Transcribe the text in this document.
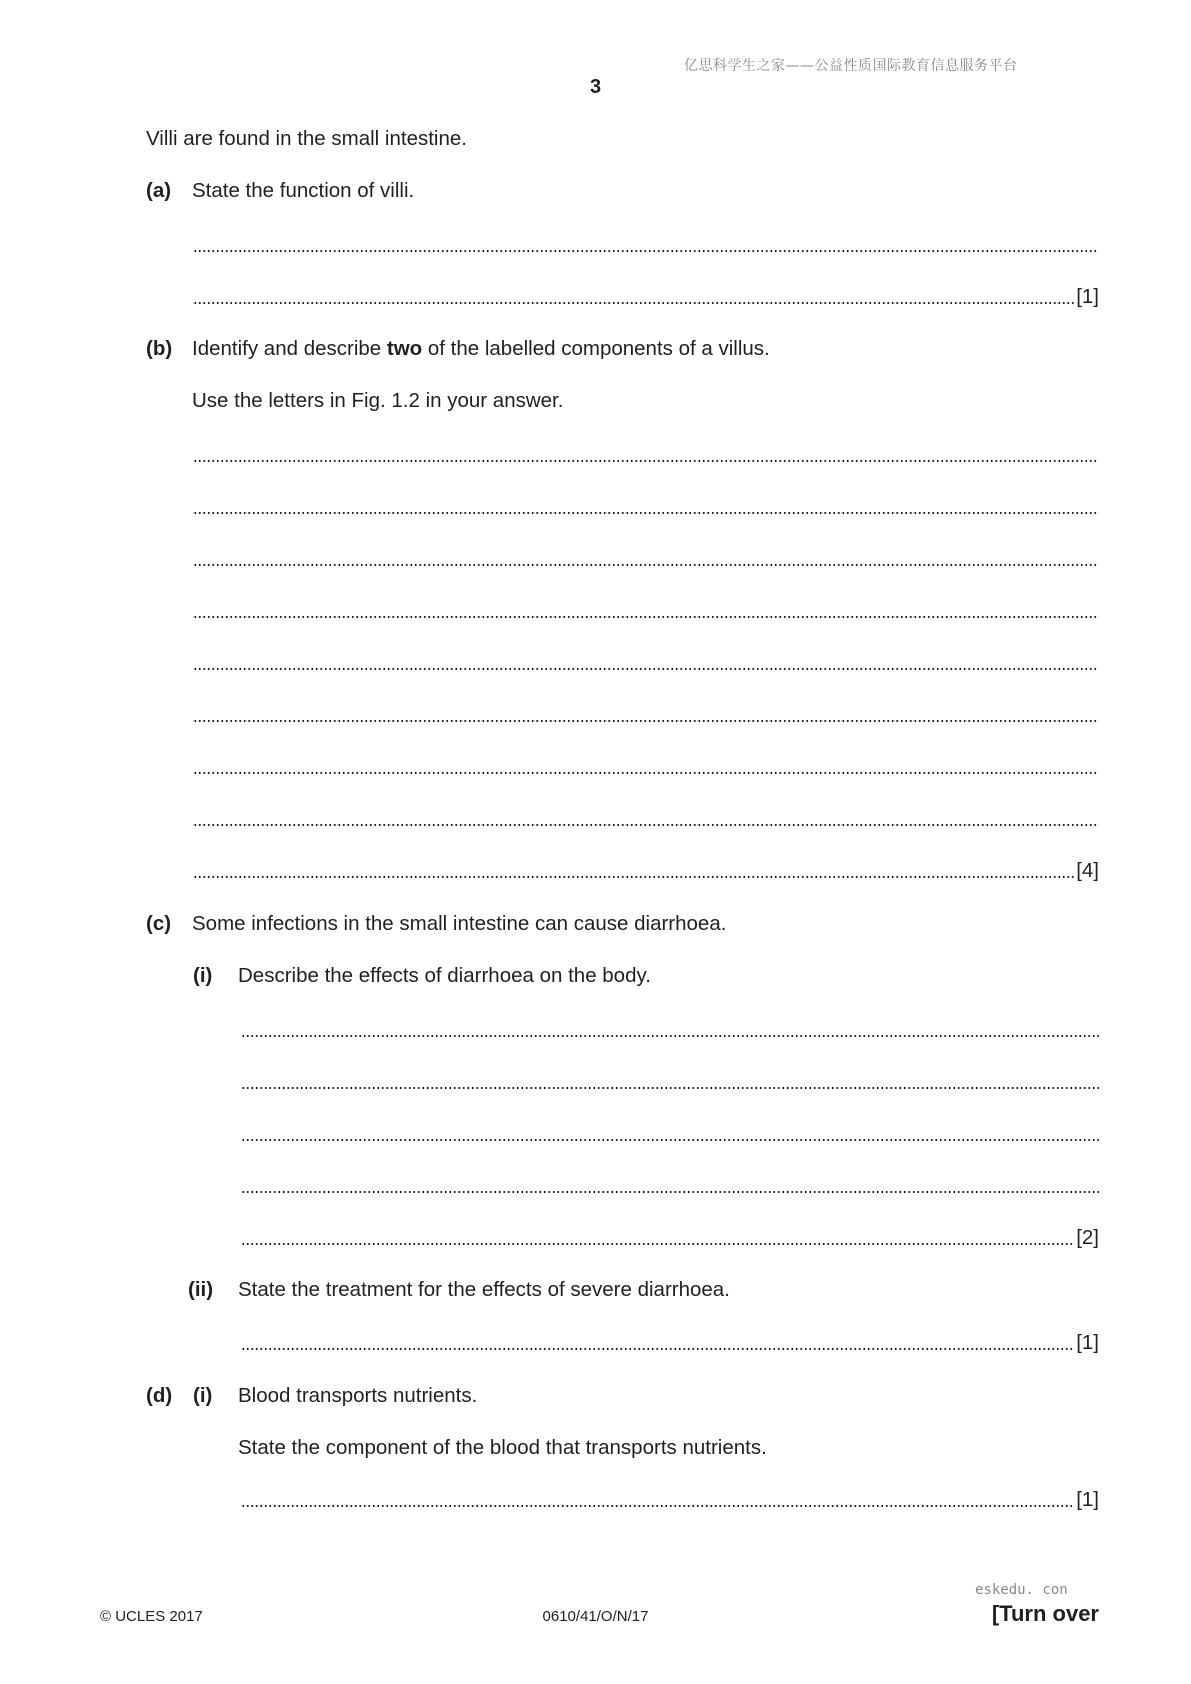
亿思科学生之家——公益性质国际教育信息服务平台
3
Villi are found in the small intestine.
(a) State the function of villi.
[1]
(b) Identify and describe two of the labelled components of a villus.
Use the letters in Fig. 1.2 in your answer.
[4]
(c) Some infections in the small intestine can cause diarrhoea.
(i) Describe the effects of diarrhoea on the body.
[2]
(ii) State the treatment for the effects of severe diarrhoea.
[1]
(d) (i) Blood transports nutrients.
State the component of the blood that transports nutrients.
[1]
eskedu. con
© UCLES 2017	0610/41/O/N/17	[Turn over
